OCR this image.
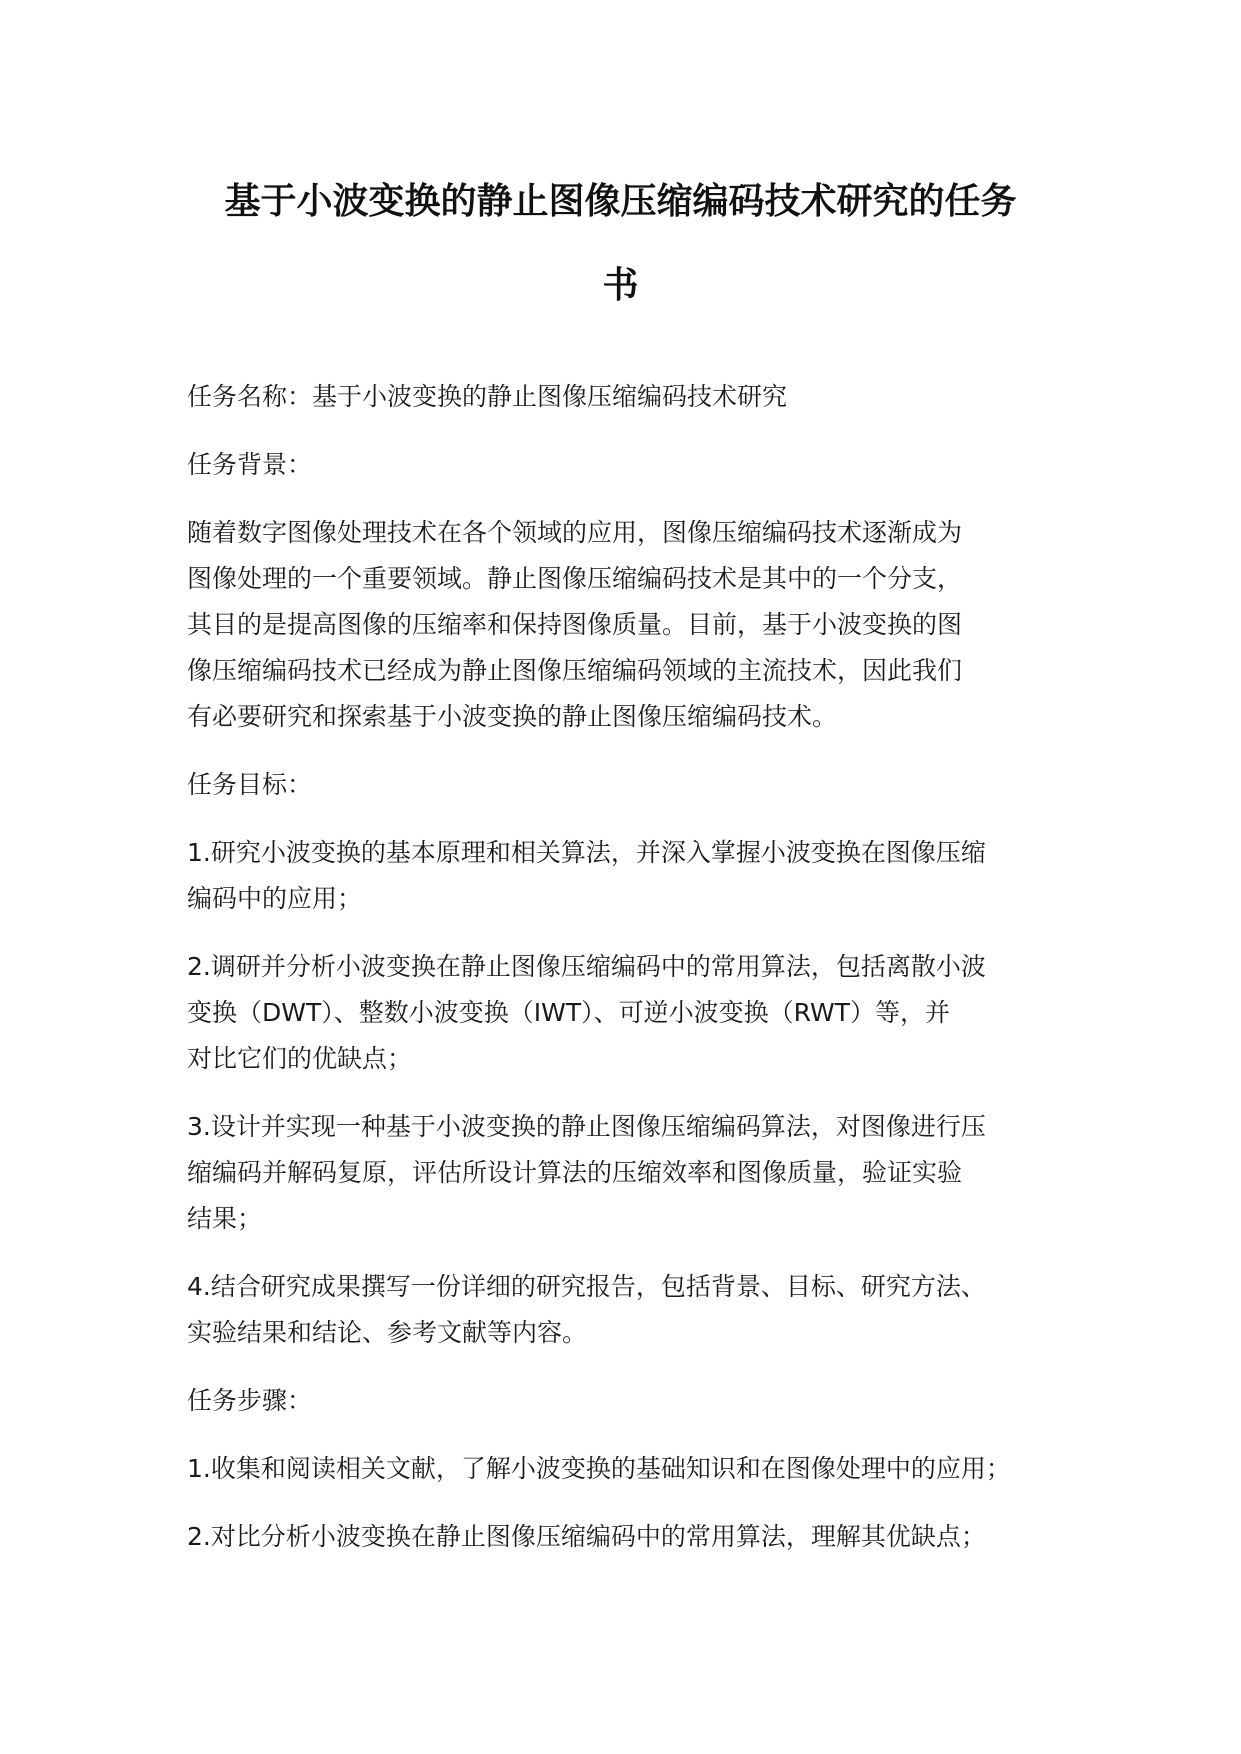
基于小波变换的静止图像压缩编码技术研究的任务
书

任务名称：基于小波变换的静止图像压缩编码技术研究

任务背景：

随着数字图像处理技术在各个领域的应用，图像压缩编码技术逐渐成为
图像处理的一个重要领域。静止图像压缩编码技术是其中的一个分支，
其目的是提高图像的压缩率和保持图像质量。目前，基于小波变换的图
像压缩编码技术已经成为静止图像压缩编码领域的主流技术，因此我们
有必要研究和探索基于小波变换的静止图像压缩编码技术。

任务目标：

1.研究小波变换的基本原理和相关算法，并深入掌握小波变换在图像压缩
编码中的应用；

2.调研并分析小波变换在静止图像压缩编码中的常用算法，包括离散小波
变换（DWT）、整数小波变换（IWT）、可逆小波变换（RWT）等，并
对比它们的优缺点；

3.设计并实现一种基于小波变换的静止图像压缩编码算法，对图像进行压
缩编码并解码复原，评估所设计算法的压缩效率和图像质量，验证实验
结果；

4.结合研究成果撰写一份详细的研究报告，包括背景、目标、研究方法、
实验结果和结论、参考文献等内容。

任务步骤：

1.收集和阅读相关文献，了解小波变换的基础知识和在图像处理中的应用；

2.对比分析小波变换在静止图像压缩编码中的常用算法，理解其优缺点；
